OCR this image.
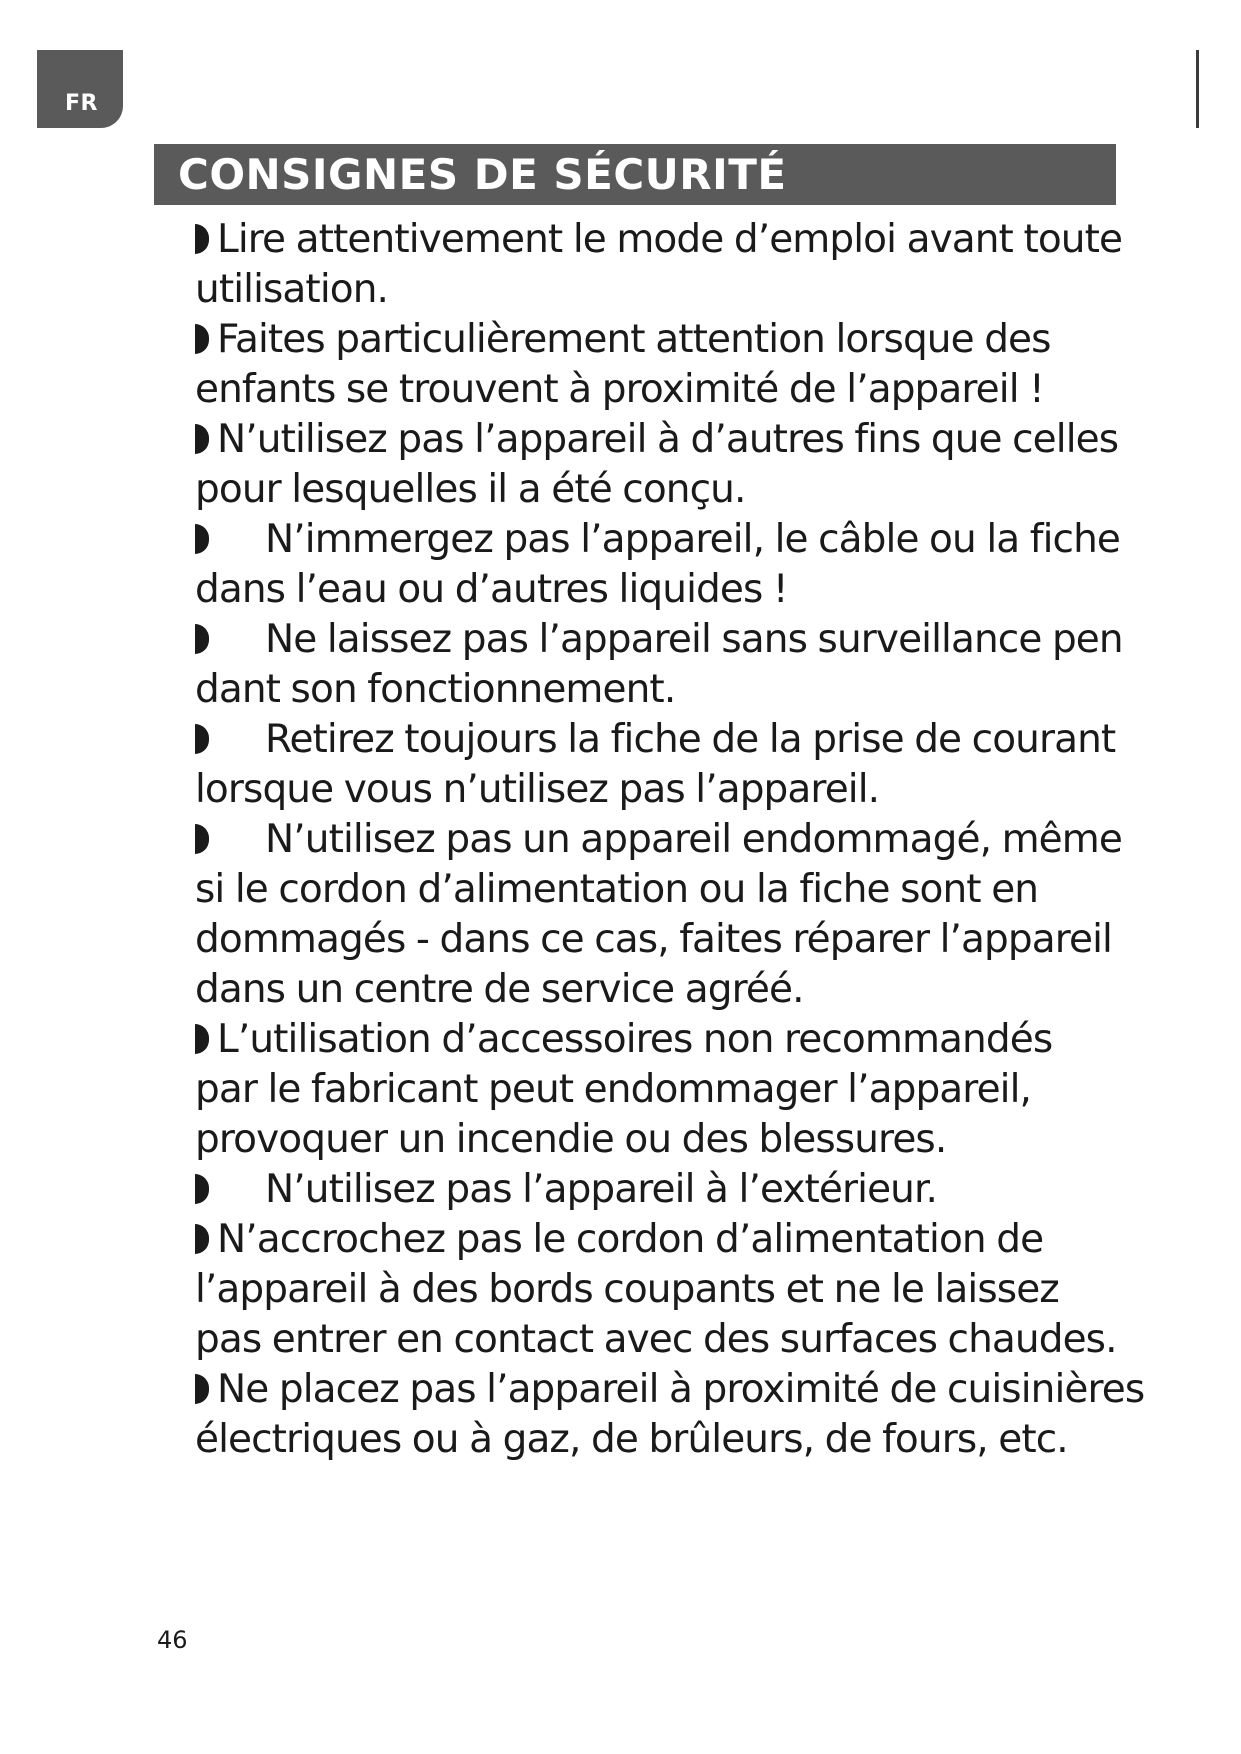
FR
CONSIGNES DE SÉCURITÉ
Lire attentivement le mode d’emploi avant toute
utilisation.
Faites particulièrement attention lorsque des
enfants se trouvent à proximité de l’appareil !
N’utilisez pas l’appareil à d’autres fins que celles
pour lesquelles il a été conçu.
N’immergez pas l’appareil, le câble ou la fiche
dans l’eau ou d’autres liquides !
Ne laissez pas l’appareil sans surveillance pen
dant son fonctionnement.
Retirez toujours la fiche de la prise de courant
lorsque vous n’utilisez pas l’appareil.
N’utilisez pas un appareil endommagé, même
si le cordon d’alimentation ou la fiche sont en
dommagés - dans ce cas, faites réparer l’appareil
dans un centre de service agréé.
L’utilisation d’accessoires non recommandés
par le fabricant peut endommager l’appareil,
provoquer un incendie ou des blessures.
N’utilisez pas l’appareil à l’extérieur.
N’accrochez pas le cordon d’alimentation de
l’appareil à des bords coupants et ne le laissez
pas entrer en contact avec des surfaces chaudes.
Ne placez pas l’appareil à proximité de cuisinières
électriques ou à gaz, de brûleurs, de fours, etc.
46
